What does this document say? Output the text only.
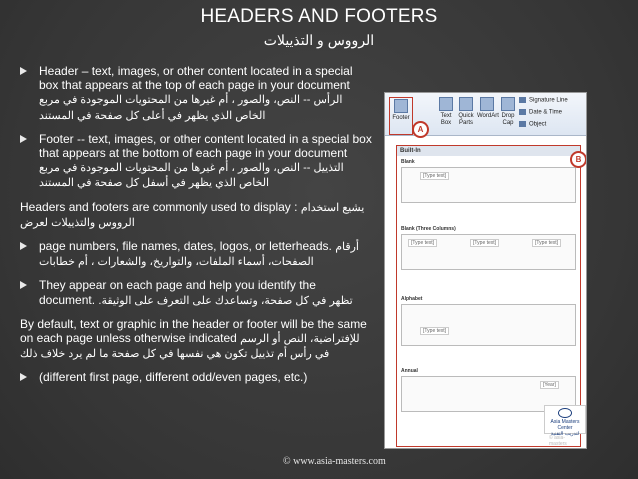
HEADERS AND FOOTERS
الرووس و التذييلات
Header – text, images, or other content located in a special box that appears at the top of each page in your document الرأس -- النص، والصور ، أم غيرها من المحتويات الموجودة في مربع الخاص الذي يظهر في أعلى كل صفحة في المستند
Footer -- text, images, or other content located in a special box that appears at the bottom of each page in your document التذييل -- النص، والصور ، أم غيرها من المحتويات الموجودة في مربع الخاص الذي يظهر في أسفل كل صفحة في المستند
Headers and footers are commonly used to display : يشيع استخدام الرووس والتذييلات لعرض
page numbers, file names, dates, logos, or letterheads. أرقام الصفحات، أسماء الملفات، والتواريخ، والشعارات ، أم خطابات
They appear on each page and help you identify the document. تظهر في كل صفحة، وتساعدك على التعرف على الوثيقة.
By default, text or graphic in the header or footer will be the same on each page unless otherwise indicated للإفتراضية، النص أو الرسم في رأس أم تذييل تكون هي نفسها في كل صفحة ما لم يرد خلاف ذلك
(different first page, different odd/even pages, etc.)
Footer	Text Box
Quick Parts
WordArt Drop Cap
Signature Line
Date & Time
Object
A
Built-In
Blank
[Type text]
Blank (Three Columns)
[Type text]	[Type text]	[Type text]
Alphabet
[Type text]
Annual
[Year]
© asia-masters
B
Asia Masters Center
لتدريب التقنية
© www.asia-masters.com
